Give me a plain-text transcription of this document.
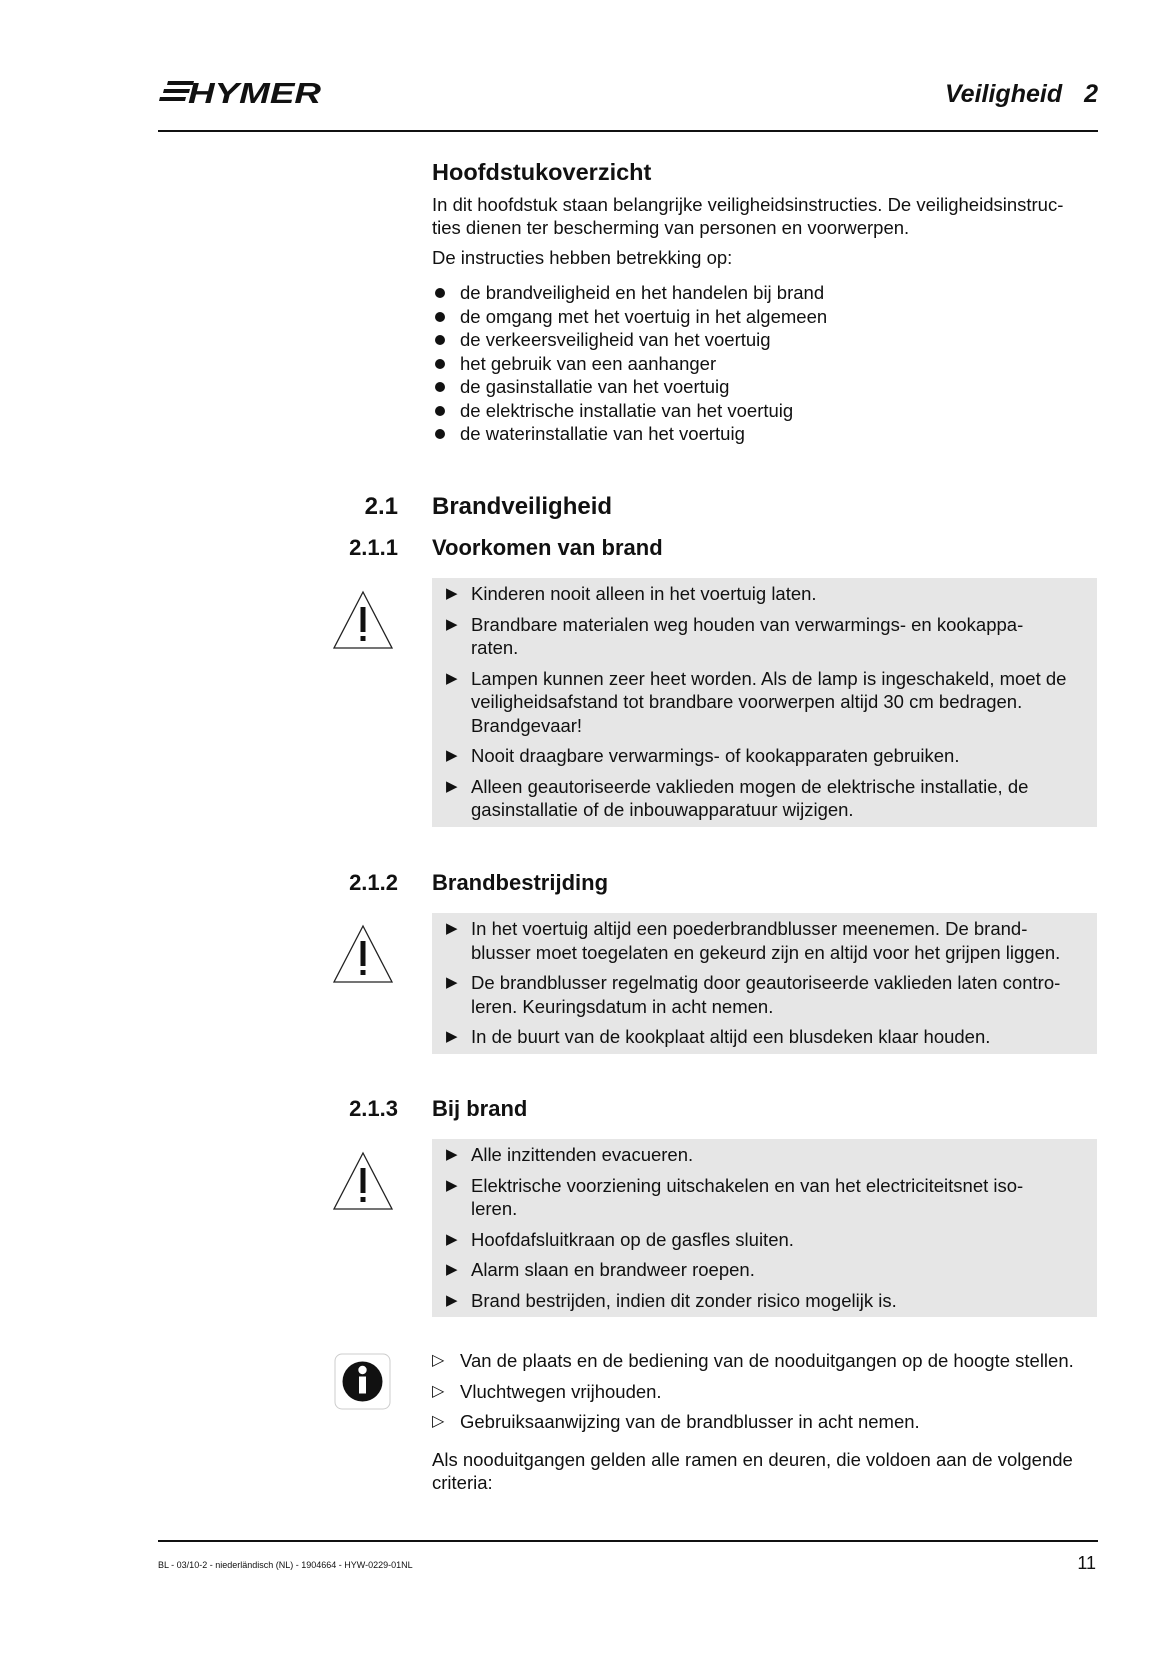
HYMER	Veiligheid 2
Hoofdstukoverzicht

In dit hoofdstuk staan belangrijke veiligheidsinstructies. De veiligheidsinstruc-
ties dienen ter bescherming van personen en voorwerpen.

De instructies hebben betrekking op:

de brandveiligheid en het handelen bij brand
de omgang met het voertuig in het algemeen
de verkeersveiligheid van het voertuig
het gebruik van een aanhanger
de gasinstallatie van het voertuig
de elektrische installatie van het voertuig
de waterinstallatie van het voertuig
2.1 Brandveiligheid
2.1.1 Voorkomen van brand
▶ Kinderen nooit alleen in het voertuig laten.
▶ Brandbare materialen weg houden van verwarmings- en kookappa-
raten.
▶ Lampen kunnen zeer heet worden. Als de lamp is ingeschakeld, moet de veiligheidsafstand tot brandbare voorwerpen altijd 30 cm bedragen. Brandgevaar!
▶ Nooit draagbare verwarmings- of kookapparaten gebruiken.
▶ Alleen geautoriseerde vaklieden mogen de elektrische installatie, de gasinstallatie of de inbouwapparatuur wijzigen.
2.1.2 Brandbestrijding
▶ In het voertuig altijd een poederbrandblusser meenemen. De brand-
blusser moet toegelaten en gekeurd zijn en altijd voor het grijpen liggen.
▶ De brandblusser regelmatig door geautoriseerde vaklieden laten contro-
leren. Keuringsdatum in acht nemen.
▶ In de buurt van de kookplaat altijd een blusdeken klaar houden.
2.1.3 Bij brand
▶ Alle inzittenden evacueren.
▶ Elektrische voorziening uitschakelen en van het electriciteitsnet iso-
leren.
▶ Hoofdafsluitkraan op de gasfles sluiten.
▶ Alarm slaan en brandweer roepen.
▶ Brand bestrijden, indien dit zonder risico mogelijk is.
▷ Van de plaats en de bediening van de nooduitgangen op de hoogte stellen.
▷ Vluchtwegen vrijhouden.
▷ Gebruiksaanwijzing van de brandblusser in acht nemen.

Als nooduitgangen gelden alle ramen en deuren, die voldoen aan de volgende criteria:

BL - 03/10-2 - niederländisch (NL) - 1904664 - HYW-0229-01NL	11
